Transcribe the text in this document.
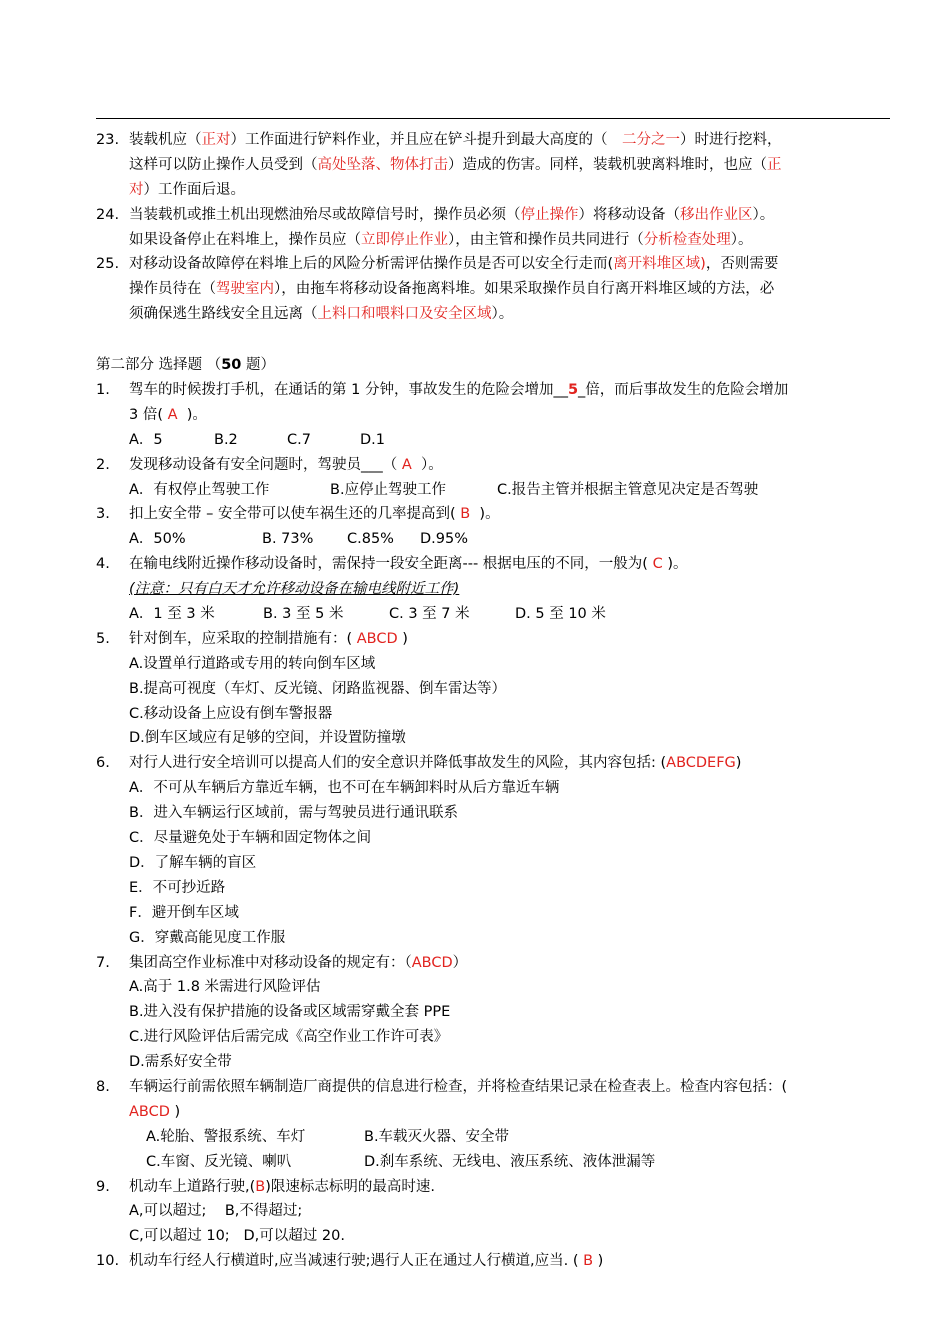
23. 装载机应（正对）工作面进行铲料作业，并且应在铲斗提升到最大高度的（　二分之一）时进行挖料，
这样可以防止操作人员受到（高处坠落、物体打击）造成的伤害。同样，装载机驶离料堆时，也应（正
对）工作面后退。
24. 当装载机或推土机出现燃油殆尽或故障信号时，操作员必须（停止操作）将移动设备（移出作业区）。
如果设备停止在料堆上，操作员应（立即停止作业），由主管和操作员共同进行（分析检查处理）。
25. 对移动设备故障停在料堆上后的风险分析需评估操作员是否可以安全行走而(离开料堆区域)，否则需要
操作员待在（驾驶室内），由拖车将移动设备拖离料堆。如果采取操作员自行离开料堆区域的方法，必
须确保逃生路线安全且远离（上料口和喂料口及安全区域）。
第二部分 选择题 （50 题）
1. 驾车的时候拨打手机，在通话的第 1 分钟，事故发生的危险会增加__5_倍，而后事故发生的危险会增加
3 倍( A )。
A．5	B.2	C.7	D.1
2. 发现移动设备有安全问题时，驾驶员___（ A ）。
A．有权停止驾驶工作	B.应停止驾驶工作	C.报告主管并根据主管意见决定是否驾驶
3. 扣上安全带 – 安全带可以使车祸生还的几率提高到( B )。
A．50%	B. 73% C.85% D.95%
4. 在输电线附近操作移动设备时，需保持一段安全距离--- 根据电压的不同，一般为( C )。
(注意：只有白天才允许移动设备在输电线附近工作)
A．1 至 3 米	B. 3 至 5 米	C. 3 至 7 米	D. 5 至 10 米
5. 针对倒车，应采取的控制措施有：( ABCD )
A.设置单行道路或专用的转向倒车区域
B.提高可视度（车灯、反光镜、闭路监视器、倒车雷达等）
C.移动设备上应设有倒车警报器
D.倒车区域应有足够的空间，并设置防撞墩
6. 对行人进行安全培训可以提高人们的安全意识并降低事故发生的风险，其内容包括: (ABCDEFG)
A．不可从车辆后方靠近车辆，也不可在车辆卸料时从后方靠近车辆
B．进入车辆运行区域前，需与驾驶员进行通讯联系
C．尽量避免处于车辆和固定物体之间
D．了解车辆的盲区
E．不可抄近路
F．避开倒车区域
G．穿戴高能见度工作服
7. 集团高空作业标准中对移动设备的规定有：（ABCD）
A.高于 1.8 米需进行风险评估
B.进入没有保护措施的设备或区域需穿戴全套 PPE
C.进行风险评估后需完成《高空作业工作许可表》
D.需系好安全带
8. 车辆运行前需依照车辆制造厂商提供的信息进行检查，并将检查结果记录在检查表上。检查内容包括：(
ABCD )
A.轮胎、警报系统、车灯	B.车载灭火器、安全带
C.车窗、反光镜、喇叭	D.刹车系统、无线电、液压系统、液体泄漏等
9. 机动车上道路行驶,(B)限速标志标明的最高时速.
A,可以超过; B,不得超过;
C,可以超过 10; D,可以超过 20.
10. 机动车行经人行横道时,应当减速行驶;遇行人正在通过人行横道,应当. ( B )
